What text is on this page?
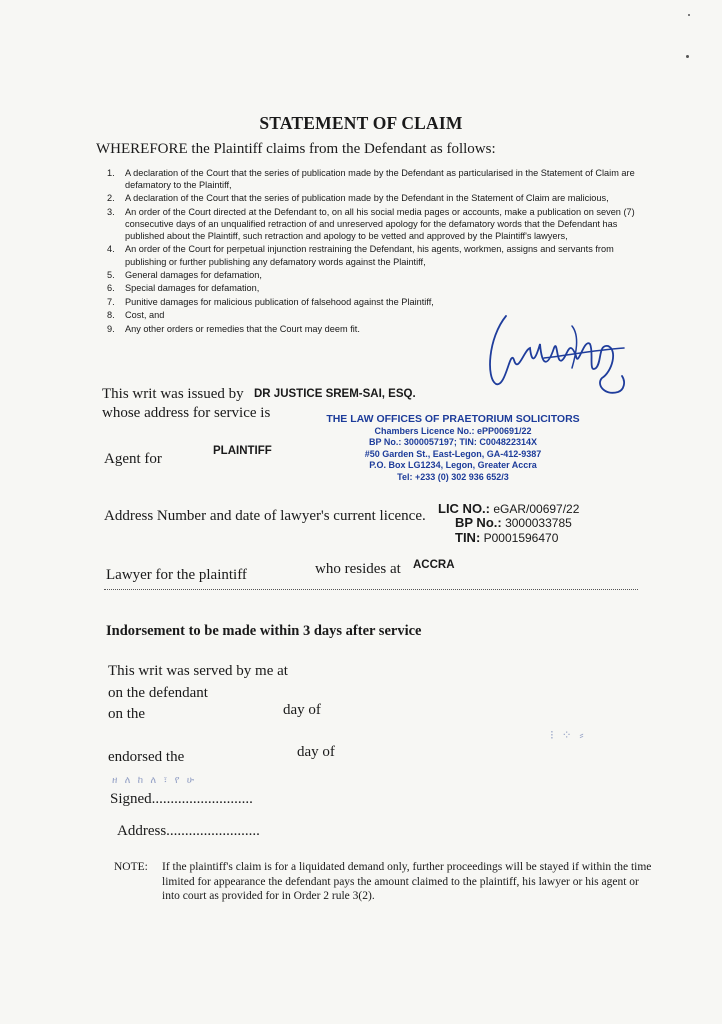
STATEMENT OF CLAIM
WHEREFORE the Plaintiff claims from the Defendant as follows:
1. A declaration of the Court that the series of publication made by the Defendant as particularised in the Statement of Claim are defamatory to the Plaintiff,
2. A declaration of the Court that the series of publication made by the Defendant in the Statement of Claim are malicious,
3. An order of the Court directed at the Defendant to, on all his social media pages or accounts, make a publication on seven (7) consecutive days of an unqualified retraction of and unreserved apology for the defamatory words that the Defendant has published about the Plaintiff, such retraction and apology to be vetted and approved by the Plaintiff's lawyers,
4. An order of the Court for perpetual injunction restraining the Defendant, his agents, workmen, assigns and servants from publishing or further publishing any defamatory words against the Plaintiff,
5. General damages for defamation,
6. Special damages for defamation,
7. Punitive damages for malicious publication of falsehood against the Plaintiff,
8. Cost, and
9. Any other orders or remedies that the Court may deem fit.
This writ was issued by DR JUSTICE SREM-SAI, ESQ.
whose address for service is
Agent for	PLAINTIFF
THE LAW OFFICES OF PRAETORIUM SOLICITORS
Chambers Licence No.: ePP00691/22
BP No.: 3000057197; TIN: C004822314X
#50 Garden St., East-Legon, GA-412-9387
P.O. Box LG1234, Legon, Greater Accra
Tel: +233 (0) 302 936 652/3
Address Number and date of lawyer's current licence. LIC NO.: eGAR/00697/22
BP No.: 3000033785
TIN: P0001596470
Lawyer for the plaintiff	who resides at ACCRA
Indorsement to be made within 3 days after service
This writ was served by me at
on the defendant
on the	day of
endorsed the	day of
ዘ ለ ከ ለ ፣ የ ሁ
⁝ ⁘ ⸗
Signed...........................
Address.........................
NOTE: If the plaintiff's claim is for a liquidated demand only, further proceedings will be stayed if within the time limited for appearance the defendant pays the amount claimed to the plaintiff, his lawyer or his agent or into court as provided for in Order 2 rule 3(2).
